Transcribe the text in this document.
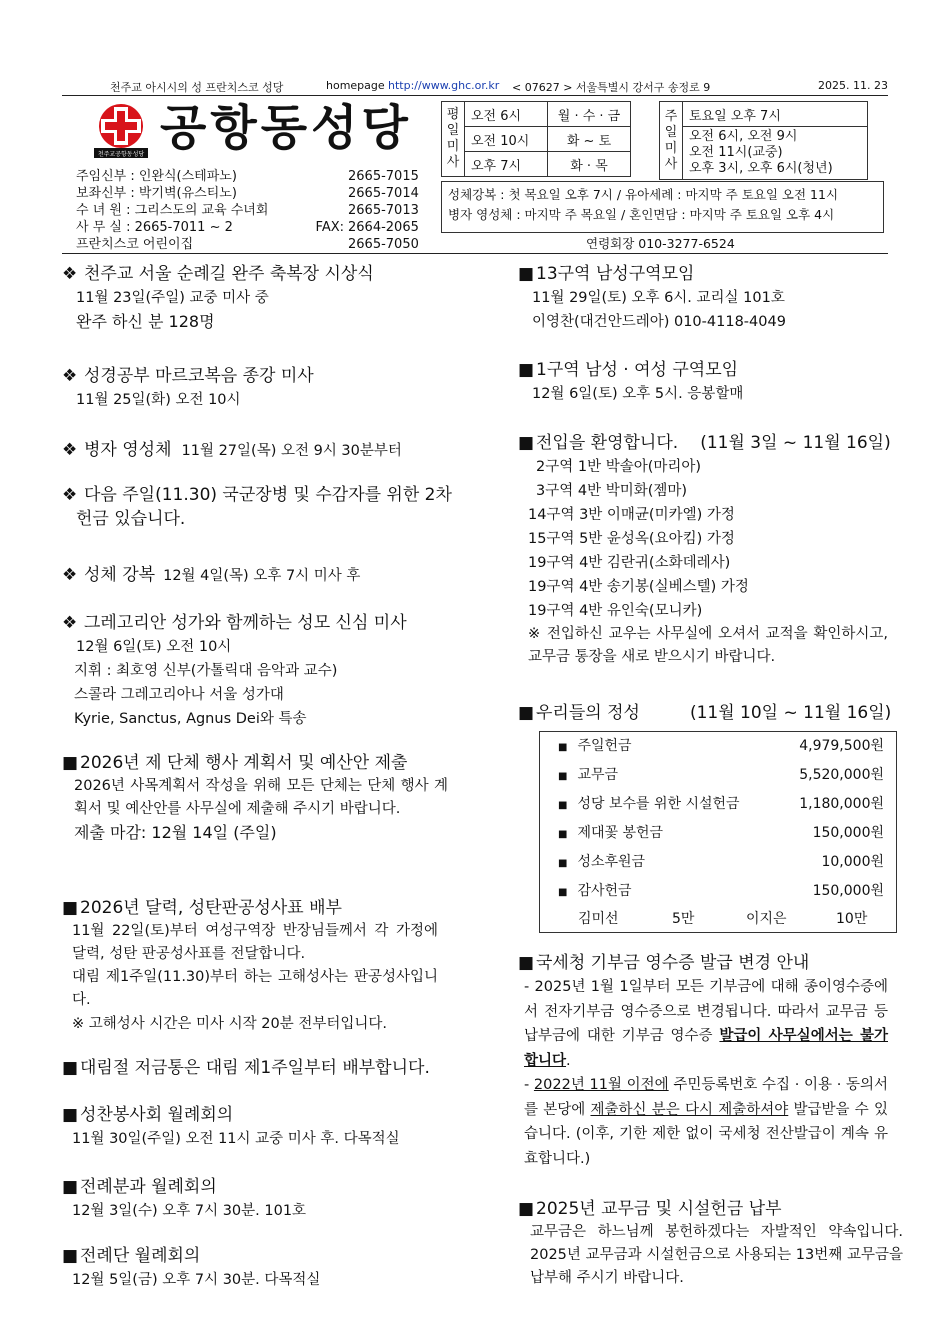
천주교 아시시의 성 프란치스코 성당	homepage http://www.ghc.or.kr < 07627 > 서울특별시 강서구 송정로 9	2025. 11. 23
천주교공항동성당 공항동성당
주임신부 : 인완식(스테파노)	2665-7015
보좌신부 : 박기벽(유스티노)	2665-7014
수 녀 원 : 그리스도의 교육 수녀회	2665-7013
사 무 실 : 2665-7011 ~ 2	FAX: 2664-2065
프란치스코 어린이집	2665-7050
평일미사	오전 6시	월 · 수 · 금
	오전 10시	화 ~ 토
	오후 7시	화 · 목
주일미사	토요일 오후 7시

오전 6시, 오전 9시
오전 11시(교중)
오후 3시, 오후 6시(청년)
성체강복 : 첫 목요일 오후 7시 / 유아세례 : 마지막 주 토요일 오전 11시
병자 영성체 : 마지막 주 목요일 / 혼인면담 : 마지막 주 토요일 오후 4시
연령회장 010-3277-6524
❖ 천주교 서울 순례길 완주 축복장 시상식

11월 23일(주일) 교중 미사 중

완주 하신 분 128명

❖ 성경공부 마르코복음 종강 미사

11월 25일(화) 오전 10시

❖ 병자 영성체 11월 27일(목) 오전 9시 30분부터
❖ 다음 주일(11.30) 국군장병 및 수감자를 위한 2차
헌금 있습니다.
❖ 성체 강복 12월 4일(목) 오후 7시 미사 후
❖ 그레고리안 성가와 함께하는 성모 신심 미사

12월 6일(토) 오전 10시

지휘 : 최호영 신부(가톨릭대 음악과 교수)

스콜라 그레고리아나 서울 성가대

Kyrie, Sanctus, Agnus Dei와 특송

■ 2026년 제 단체 행사 계획서 및 예산안 제출

2026년 사목계획서 작성을 위해 모든 단체는 단체 행사 계획서 및 예산안를 사무실에 제출해 주시기 바랍니다.

제출 마감: 12월 14일 (주일)

■ 2026년 달력, 성탄판공성사표 배부

11월 22일(토)부터 여성구역장 반장님들께서 각 가정에 달력, 성탄 판공성사표를 전달합니다.

대림 제1주일(11.30)부터 하는 고해성사는 판공성사입니다.

※ 고해성사 시간은 미사 시작 20분 전부터입니다.

■ 대림절 저금통은 대림 제1주일부터 배부합니다.
■ 성찬봉사회 월례회의

11월 30일(주일) 오전 11시 교중 미사 후. 다목적실

■ 전례분과 월례회의

12월 3일(수) 오후 7시 30분. 101호

■ 전례단 월례회의

12월 5일(금) 오후 7시 30분. 다목적실

■ 13구역 남성구역모임

11월 29일(토) 오후 6시. 교리실 101호

이영찬(대건안드레아) 010-4118-4049

■ 1구역 남성 · 여성 구역모임

12월 6일(토) 오후 5시. 응봉할매

■ 전입을 환영합니다. (11월 3일 ~ 11월 16일)

2구역 1반 박솔아(마리아)

3구역 4반 박미화(젬마)

14구역 3반 이매균(미카엘) 가정

15구역 5반 윤성옥(요아킴) 가정

19구역 4반 김란귀(소화데레사)

19구역 4반 송기봉(실베스텔) 가정

19구역 4반 유인숙(모니카)

※ 전입하신 교우는 사무실에 오셔서 교적을 확인하시고, 교무금 통장을 새로 받으시기 바랍니다.

■ 우리들의 정성	(11월 10일 ~ 11월 16일)
■ 주일헌금	4,979,500원
■ 교무금	5,520,000원
■ 성당 보수를 위한 시설헌금	1,180,000원
■ 제대꽃 봉헌금	150,000원
■ 성소후원금	10,000원
■ 감사헌금	150,000원
김미선	5만	이지은	10만
■ 국세청 기부금 영수증 발급 변경 안내

- 2025년 1월 1일부터 모든 기부금에 대해 종이영수증에서 전자기부금 영수증으로 변경됩니다. 따라서 교무금 등 납부금에 대한 기부금 영수증 발급이 사무실에서는 불가합니다.

- 2022년 11월 이전에 주민등록번호 수집 · 이용 · 동의서를 본당에 제출하신 분은 다시 제출하셔야 발급받을 수 있습니다. (이후, 기한 제한 없이 국세청 전산발급이 계속 유효합니다.)

■ 2025년 교무금 및 시설헌금 납부

교무금은 하느님께 봉헌하겠다는 자발적인 약속입니다. 2025년 교무금과 시설헌금으로 사용되는 13번째 교무금을 납부해 주시기 바랍니다.
